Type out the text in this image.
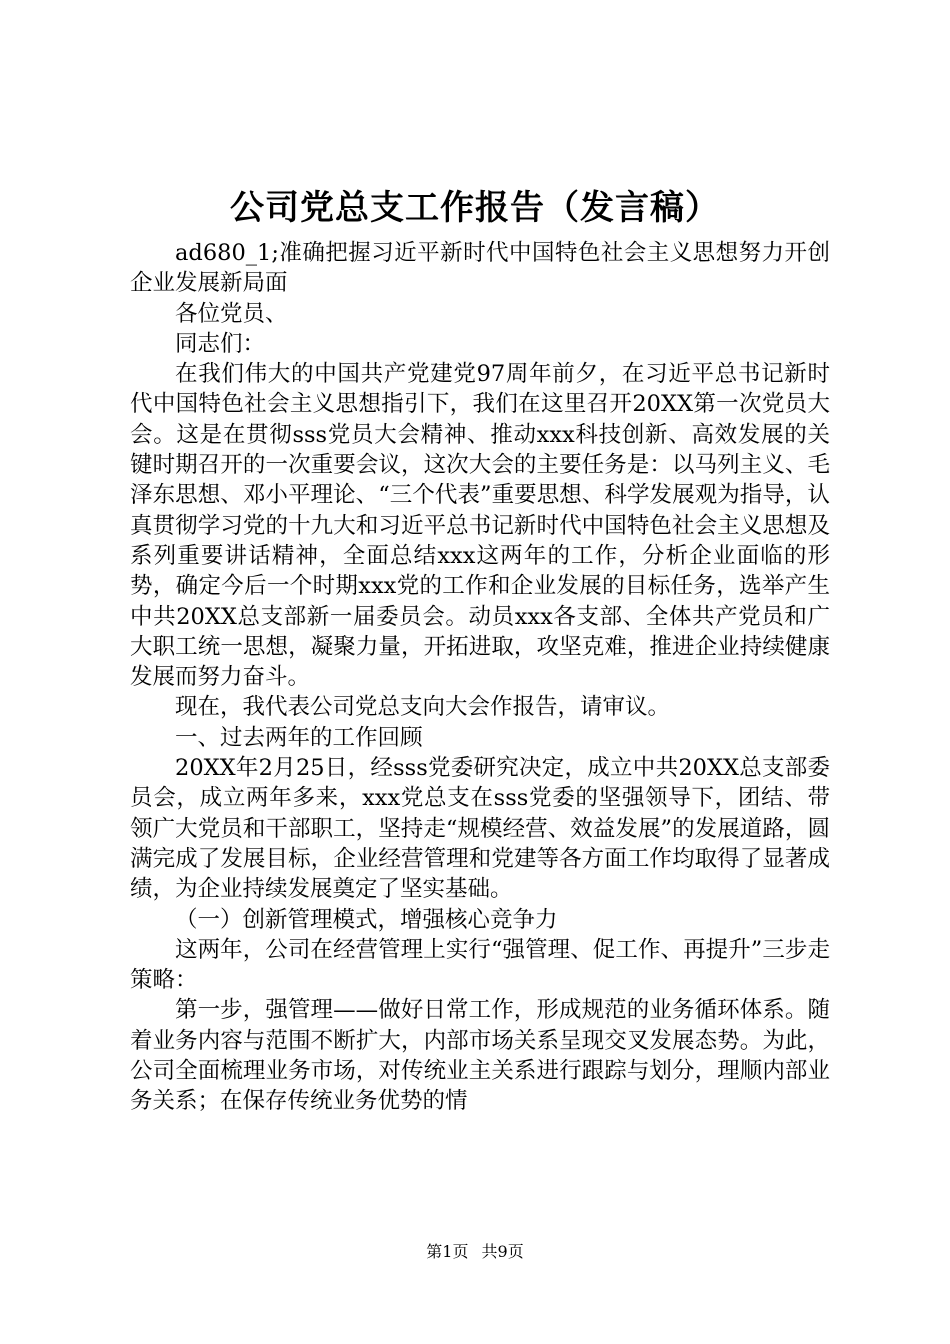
公司党总支工作报告（发言稿）

ad680_1;准确把握习近平新时代中国特色社会主义思想努力开创企业发展新局面

各位党员、

同志们：

在我们伟大的中国共产党建党97周年前夕，在习近平总书记新时代中国特色社会主义思想指引下，我们在这里召开20XX第一次党员大会。这是在贯彻sss党员大会精神、推动xxx科技创新、高效发展的关键时期召开的一次重要会议，这次大会的主要任务是：以马列主义、毛泽东思想、邓小平理论、“三个代表”重要思想、科学发展观为指导，认真贯彻学习党的十九大和习近平总书记新时代中国特色社会主义思想及系列重要讲话精神，全面总结xxx这两年的工作，分析企业面临的形势，确定今后一个时期xxx党的工作和企业发展的目标任务，选举产生中共20XX总支部新一届委员会。动员xxx各支部、全体共产党员和广大职工统一思想，凝聚力量，开拓进取，攻坚克难，推进企业持续健康发展而努力奋斗。

现在，我代表公司党总支向大会作报告，请审议。

一、过去两年的工作回顾

20XX年2月25日，经sss党委研究决定，成立中共20XX总支部委员会，成立两年多来，xxx党总支在sss党委的坚强领导下，团结、带领广大党员和干部职工，坚持走“规模经营、效益发展”的发展道路，圆满完成了发展目标，企业经营管理和党建等各方面工作均取得了显著成绩，为企业持续发展奠定了坚实基础。

（一）创新管理模式，增强核心竞争力

这两年，公司在经营管理上实行“强管理、促工作、再提升”三步走策略：

第一步，强管理——做好日常工作，形成规范的业务循环体系。随着业务内容与范围不断扩大，内部市场关系呈现交叉发展态势。为此，公司全面梳理业务市场，对传统业主关系进行跟踪与划分，理顺内部业务关系；在保存传统业务优势的情

第1页 共9页
